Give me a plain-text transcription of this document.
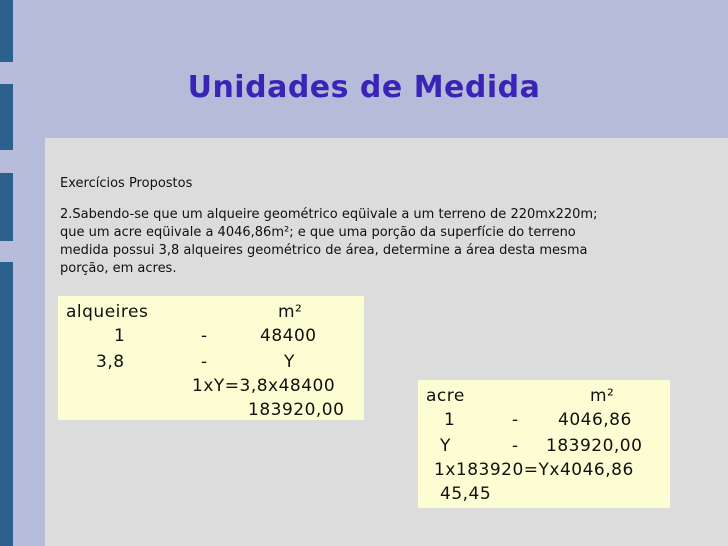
Unidades de Medida
Exercícios Propostos
2.Sabendo-se que um alqueire geométrico eqüivale a um terreno de 220mx220m;
que um acre eqüivale a 4046,86m²; e que uma porção da superfície do terreno
medida possui 3,8 alqueires geométrico de área, determine a área desta mesma
porção, em acres.
alqueires	m²
1	-	48400
3,8	-	Y
1xY=3,8x48400
183920,00
acre	m²
1	- 4046,86
Y	- 183920,00
1x183920=Yx4046,86
45,45
